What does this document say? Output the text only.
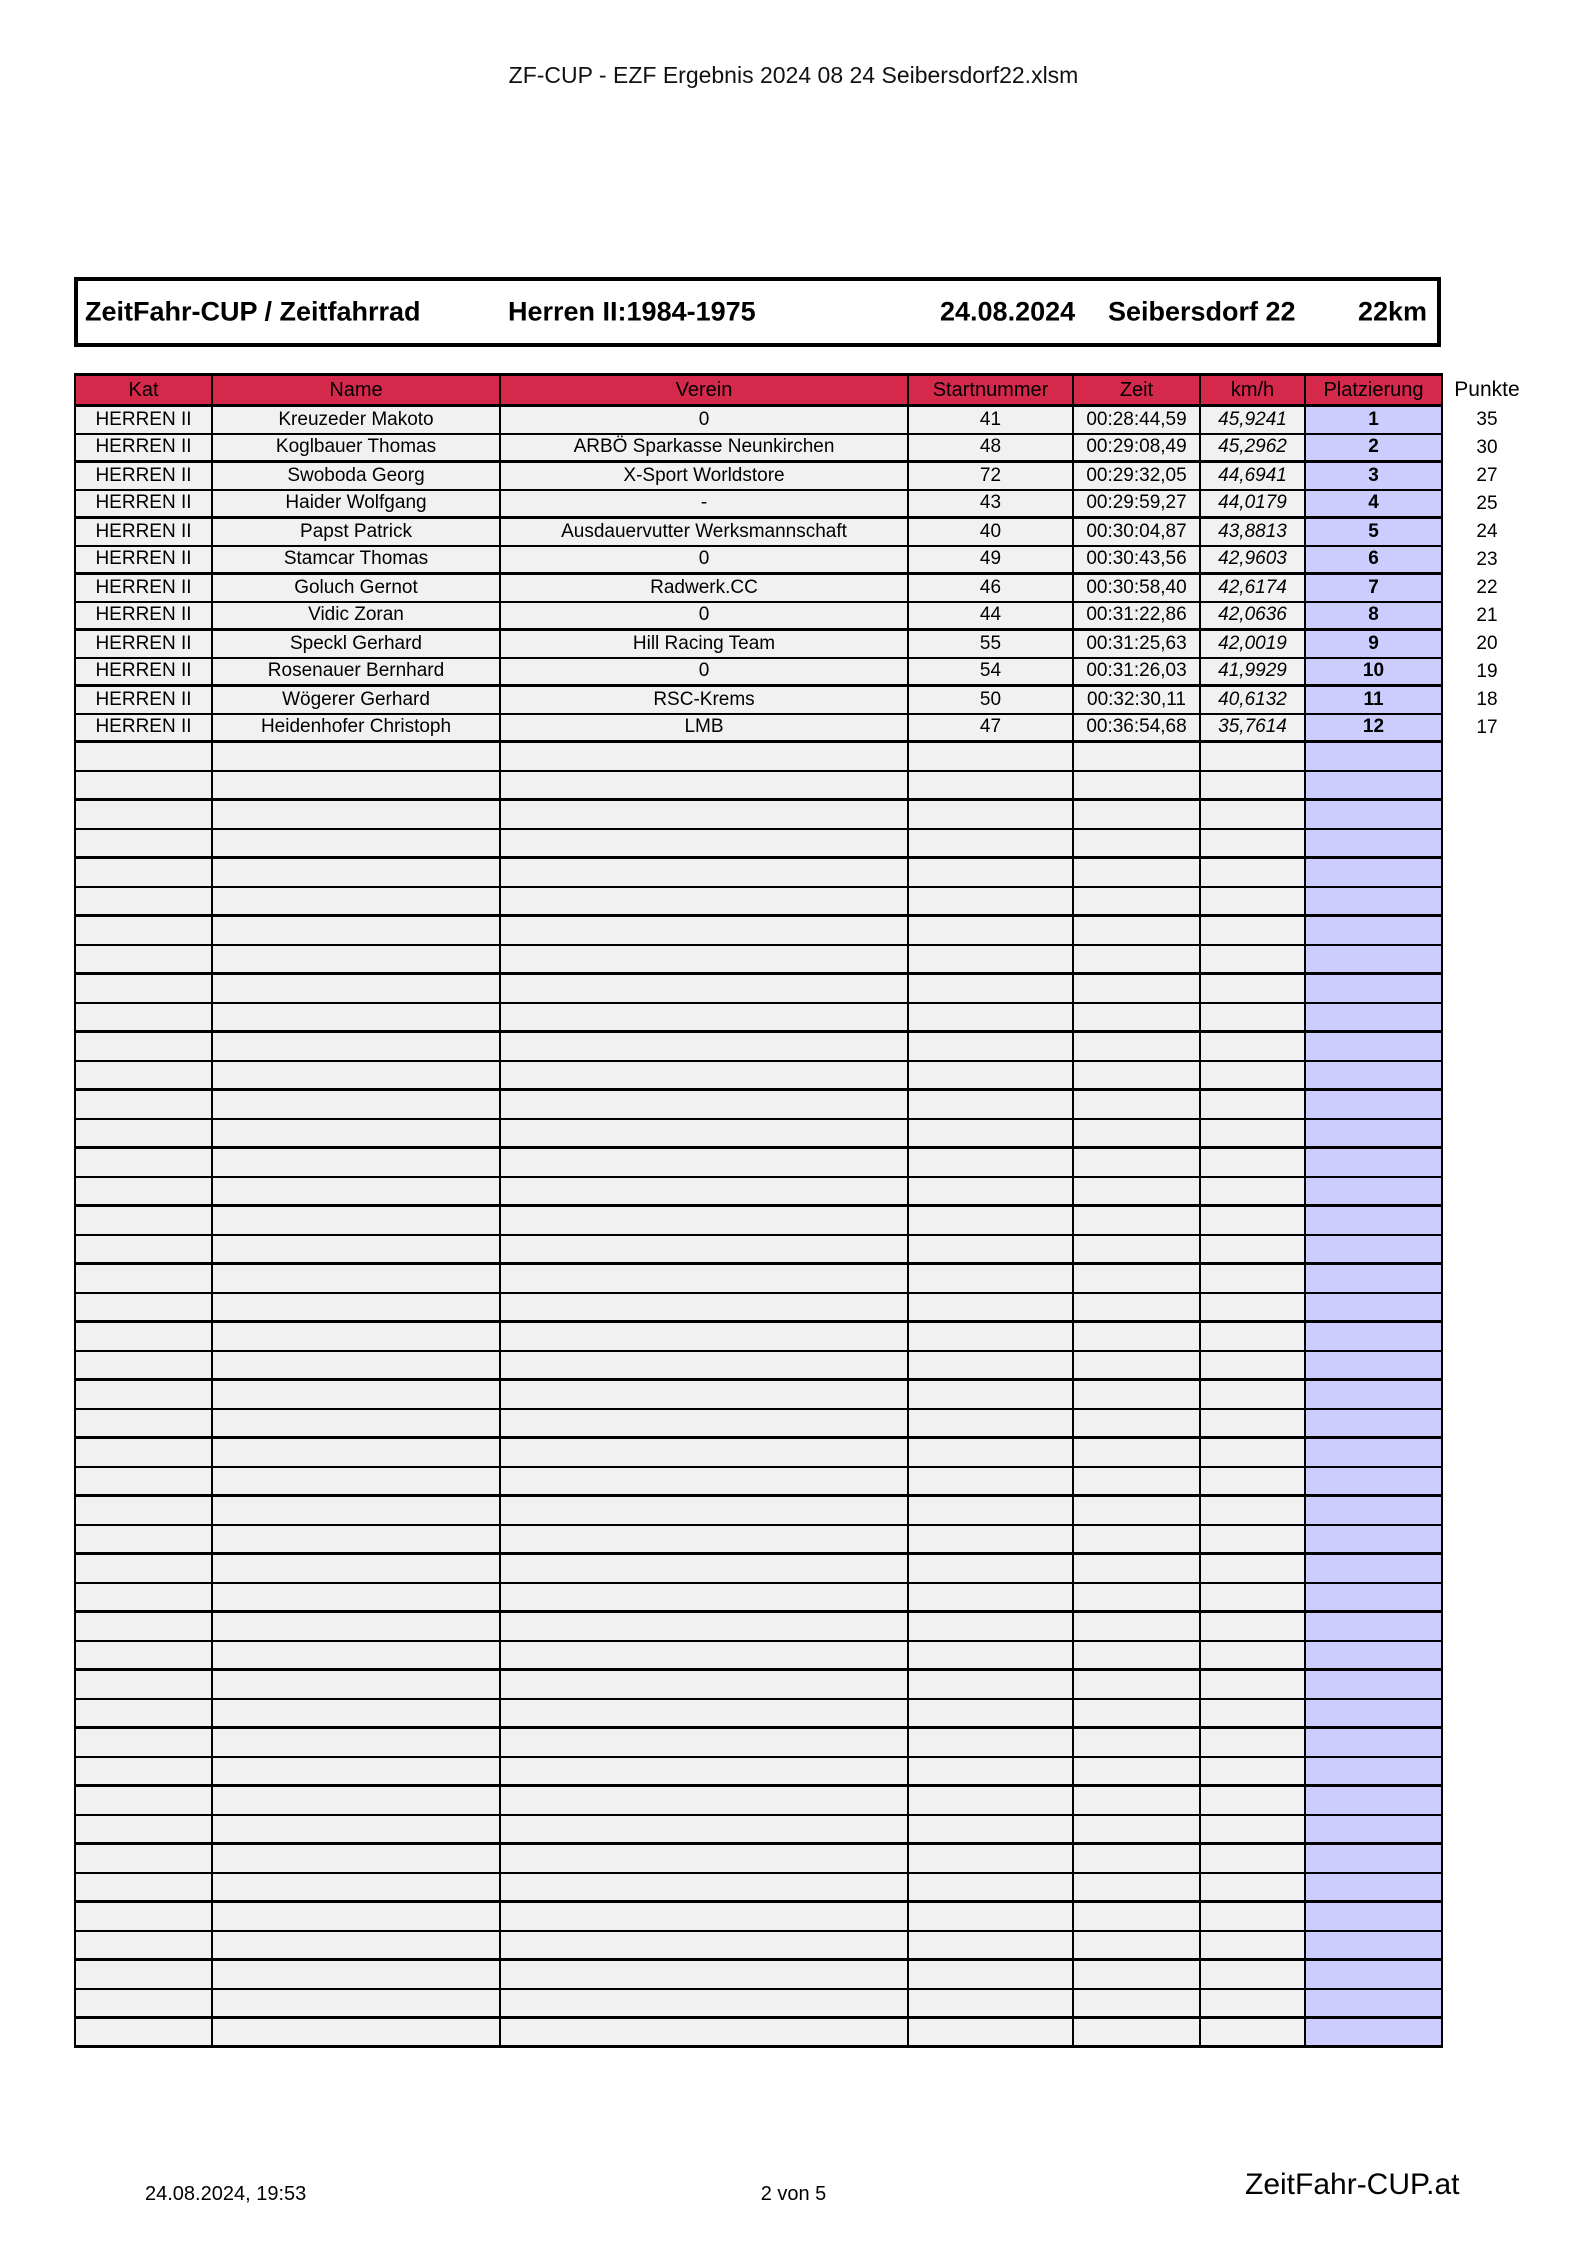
ZF-CUP - EZF Ergebnis 2024 08 24 Seibersdorf22.xlsm
ZeitFahr-CUP / Zeitfahrrad	Herren II:1984-1975	24.08.2024 Seibersdorf 22 22km
Kat	Name	Verein	Startnummer	Zeit	km/h	Platzierung	Punkte
HERREN II	Kreuzeder Makoto	0	41	00:28:44,59	45,9241	1	35
HERREN II	Koglbauer Thomas	ARBÖ Sparkasse Neunkirchen	48	00:29:08,49	45,2962	2	30
HERREN II	Swoboda Georg	X-Sport Worldstore	72	00:29:32,05	44,6941	3	27
HERREN II	Haider Wolfgang	-	43	00:29:59,27	44,0179	4	25
HERREN II	Papst Patrick	Ausdauervutter Werksmannschaft	40	00:30:04,87	43,8813	5	24
HERREN II	Stamcar Thomas	0	49	00:30:43,56	42,9603	6	23
HERREN II	Goluch Gernot	Radwerk.CC	46	00:30:58,40	42,6174	7	22
HERREN II	Vidic Zoran	0	44	00:31:22,86	42,0636	8	21
HERREN II	Speckl Gerhard	Hill Racing Team	55	00:31:25,63	42,0019	9	20
HERREN II	Rosenauer Bernhard	0	54	00:31:26,03	41,9929	10	19
HERREN II	Wögerer Gerhard	RSC-Krems	50	00:32:30,11	40,6132	11	18
HERREN II	Heidenhofer Christoph	LMB	47	00:36:54,68	35,7614	12	17

24.08.2024, 19:53	2 von 5	ZeitFahr-CUP.at
